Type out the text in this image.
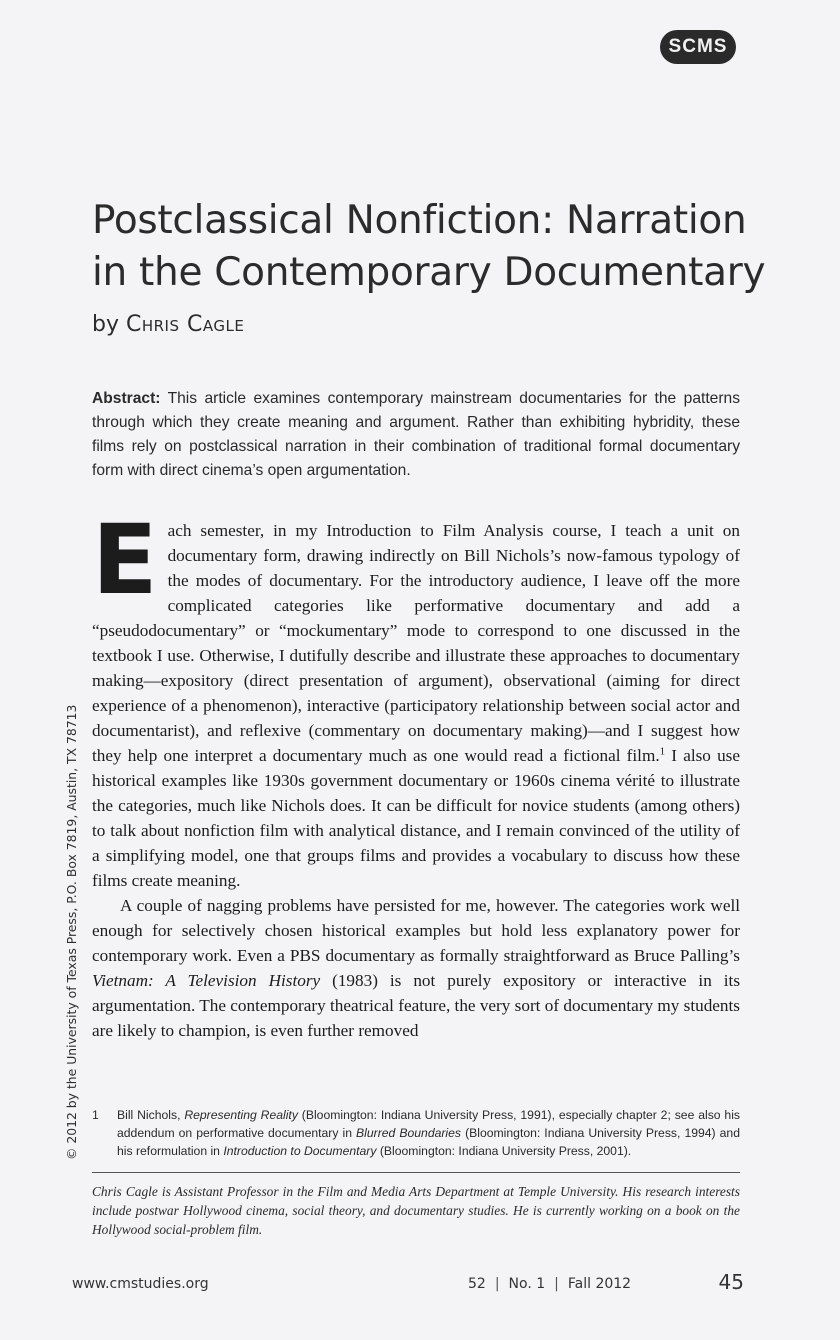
SCMS
Postclassical Nonfiction: Narration in the Contemporary Documentary
by Chris Cagle

Abstract: This article examines contemporary mainstream documentaries for the patterns through which they create meaning and argument. Rather than exhibiting hybridity, these films rely on postclassical narration in their combination of traditional formal documentary form with direct cinema’s open argumentation.

Each semester, in my Introduction to Film Analysis course, I teach a unit on documentary form, drawing indirectly on Bill Nichols’s now-famous typology of the modes of documentary. For the introductory audience, I leave off the more complicated categories like performative documentary and add a “pseudodocumentary” or “mockumentary” mode to correspond to one discussed in the textbook I use. Otherwise, I dutifully describe and illustrate these approaches to documentary making—expository (direct presentation of argument), observational (aiming for direct experience of a phenomenon), interactive (participatory relationship between social actor and documentarist), and reflexive (commentary on documentary making)—and I suggest how they help one interpret a documentary much as one would read a fictional film.$^1$ I also use historical examples like 1930s government documentary or 1960s cinema vérité to illustrate the categories, much like Nichols does. It can be difficult for novice students (among others) to talk about nonfiction film with analytical distance, and I remain convinced of the utility of a simplifying model, one that groups films and provides a vocabulary to discuss how these films create meaning.

A couple of nagging problems have persisted for me, however. The categories work well enough for selectively chosen historical examples but hold less explanatory power for contemporary work. Even a PBS documentary as formally straightforward as Bruce Palling’s Vietnam: A Television History (1983) is not purely expository or interactive in its argumentation. The contemporary theatrical feature, the very sort of documentary my students are likely to champion, is even further removed

© 2012 by the University of Texas Press, P.O. Box 7819, Austin, TX 78713 1 Bill Nichols, Representing Reality (Bloomington: Indiana University Press, 1991), especially chapter 2; see also his addendum on performative documentary in Blurred Boundaries (Bloomington: Indiana University Press, 1994) and his reformulation in Introduction to Documentary (Bloomington: Indiana University Press, 2001).
Chris Cagle is Assistant Professor in the Film and Media Arts Department at Temple University. His research interests include postwar Hollywood cinema, social theory, and documentary studies. He is currently working on a book on the Hollywood social-problem film.
www.cmstudies.org	52 | No. 1 | Fall 2012	45
